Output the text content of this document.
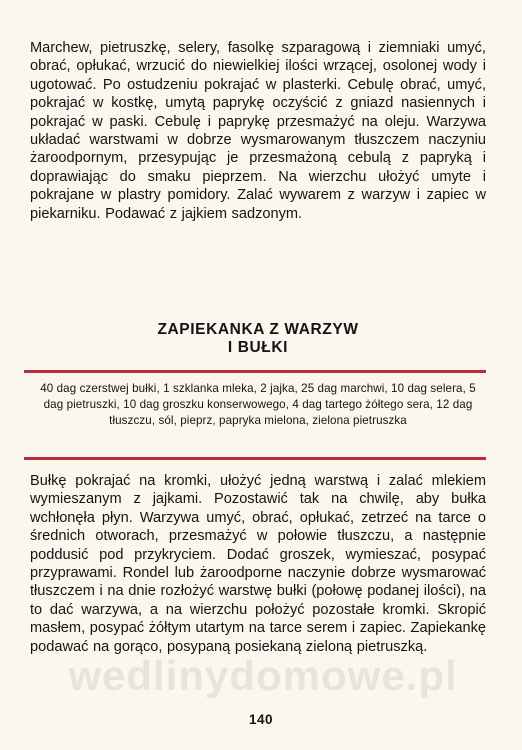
wedlinydomowe.pl

Marchew, pietruszkę, selery, fasolkę szparagową i ziemniaki umyć, obrać, opłukać, wrzucić do niewielkiej ilości wrzącej, osolonej wody i ugotować. Po ostudzeniu pokrajać w plasterki. Cebulę obrać, umyć, pokrajać w kostkę, umytą paprykę oczyścić z gniazd nasiennych i pokrajać w paski. Cebulę i paprykę przesmażyć na oleju. Warzywa układać warstwami w dobrze wysmarowanym tłuszczem naczyniu żaroodpornym, przesypując je przesmażoną cebulą z papryką i doprawiając do smaku pieprzem. Na wierzchu ułożyć umyte i pokrajane w plastry pomidory. Zalać wywarem z warzyw i zapiec w piekarniku. Podawać z jajkiem sadzonym.

ZAPIEKANKA Z WARZYW
I BUŁKI

40 dag czerstwej bułki, 1 szklanka mleka, 2 jajka, 25 dag marchwi, 10 dag selera, 5 dag pietruszki, 10 dag groszku konserwowego, 4 dag tartego żółtego sera, 12 dag tłuszczu, sól, pieprz, papryka mielona, zielona pietruszka

Bułkę pokrajać na kromki, ułożyć jedną warstwą i zalać mlekiem wymieszanym z jajkami. Pozostawić tak na chwilę, aby bułka wchłonęła płyn. Warzywa umyć, obrać, opłukać, zetrzeć na tarce o średnich otworach, przesmażyć w połowie tłuszczu, a następnie poddusić pod przykryciem. Dodać groszek, wymieszać, posypać przyprawami. Rondel lub żaroodporne naczynie dobrze wysmarować tłuszczem i na dnie rozłożyć warstwę bułki (połowę podanej ilości), na to dać warzywa, a na wierzchu położyć pozostałe kromki. Skropić masłem, posypać żółtym utartym na tarce serem i zapiec. Zapiekankę podawać na gorąco, posypaną posiekaną zieloną pietruszką.

140
